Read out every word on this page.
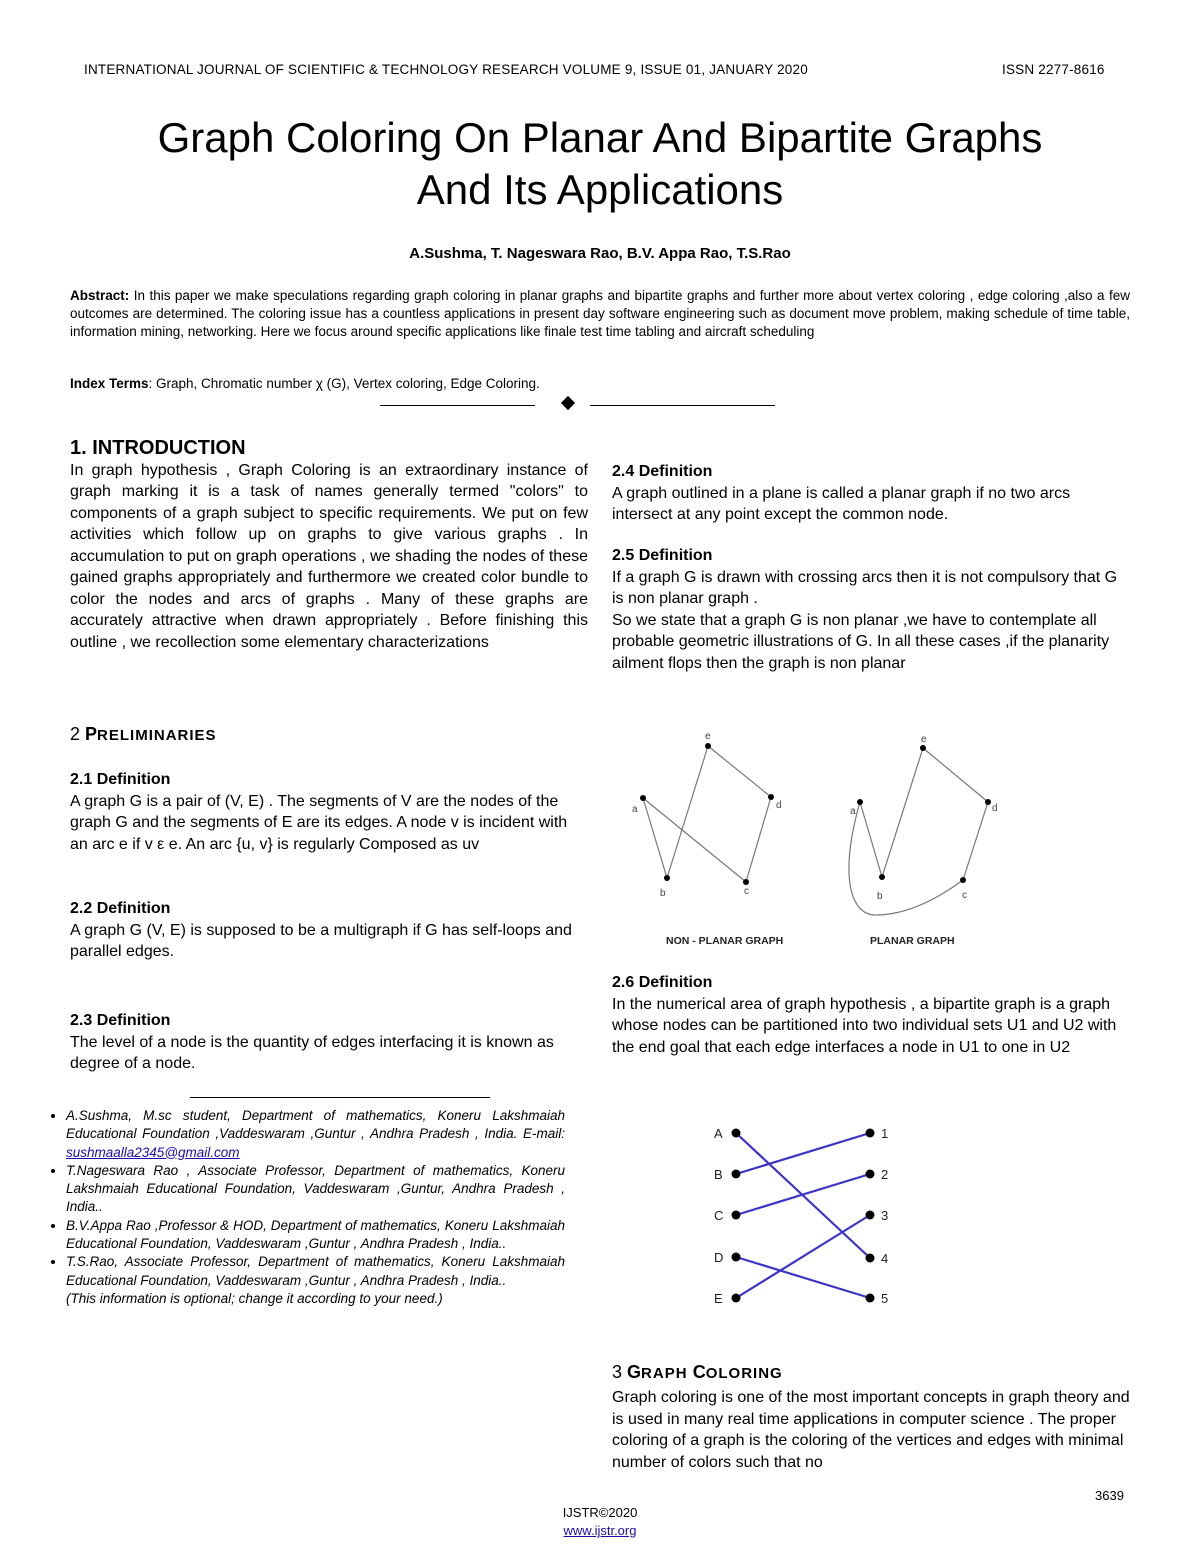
INTERNATIONAL JOURNAL OF SCIENTIFIC & TECHNOLOGY RESEARCH VOLUME 9, ISSUE 01, JANUARY 2020	ISSN 2277-8616
Graph Coloring On Planar And Bipartite Graphs
And Its Applications
A.Sushma, T. Nageswara Rao, B.V. Appa Rao, T.S.Rao
Abstract: In this paper we make speculations regarding graph coloring in planar graphs and bipartite graphs and further more about vertex coloring , edge coloring ,also a few outcomes are determined. The coloring issue has a countless applications in present day software engineering such as document move problem, making schedule of time table, information mining, networking. Here we focus around specific applications like finale test time tabling and aircraft scheduling
Index Terms: Graph, Chromatic number χ (G), Vertex coloring, Edge Coloring.
1. INTRODUCTION
In graph hypothesis , Graph Coloring is an extraordinary instance of graph marking it is a task of names generally termed "colors" to components of a graph subject to specific requirements. We put on few activities which follow up on graphs to give various graphs . In accumulation to put on graph operations , we shading the nodes of these gained graphs appropriately and furthermore we created color bundle to color the nodes and arcs of graphs . Many of these graphs are accurately attractive when drawn appropriately . Before finishing this outline , we recollection some elementary characterizations
2 PRELIMINARIES
2.1 Definition
A graph G is a pair of (V, E) . The segments of V are the nodes of the graph G and the segments of E are its edges. A node v is incident with an arc e if v ε e. An arc {u, v} is regularly Composed as uv
2.2 Definition
A graph G (V, E) is supposed to be a multigraph if G has self-loops and parallel edges.
2.3 Definition
The level of a node is the quantity of edges interfacing it is known as degree of a node.
• A.Sushma, M.sc student, Department of mathematics, Koneru Lakshmaiah Educational Foundation ,Vaddeswaram ,Guntur , Andhra Pradesh , India. E-mail: sushmaalla2345@gmail.com
• T.Nageswara Rao , Associate Professor, Department of mathematics, Koneru Lakshmaiah Educational Foundation, Vaddeswaram ,Guntur, Andhra Pradesh , India..
• B.V.Appa Rao ,Professor & HOD, Department of mathematics, Koneru Lakshmaiah Educational Foundation, Vaddeswaram ,Guntur , Andhra Pradesh , India..
• T.S.Rao, Associate Professor, Department of mathematics, Koneru Lakshmaiah Educational Foundation, Vaddeswaram ,Guntur , Andhra Pradesh , India..
(This information is optional; change it according to your need.)
2.4 Definition
A graph outlined in a plane is called a planar graph if no two arcs intersect at any point except the common node.
2.5 Definition
If a graph G is drawn with crossing arcs then it is not compulsory that G is non planar graph .
So we state that a graph G is non planar ,we have to contemplate all probable geometric illustrations of G. In all these cases ,if the planarity ailment flops then the graph is non planar
a
b	c
d
e
a
b	c
d
e
NON - PLANAR GRAPH	PLANAR GRAPH
2.6 Definition
In the numerical area of graph hypothesis , a bipartite graph is a graph whose nodes can be partitioned into two individual sets U1 and U2 with the end goal that each edge interfaces a node in U1 to one in U2
A
B
C
D
E
1
2
3
4
5
3 GRAPH COLORING
Graph coloring is one of the most important concepts in graph theory and is used in many real time applications in computer science . The proper coloring of a graph is the coloring of the vertices and edges with minimal number of colors such that no
3639
IJSTR©2020
www.ijstr.org
